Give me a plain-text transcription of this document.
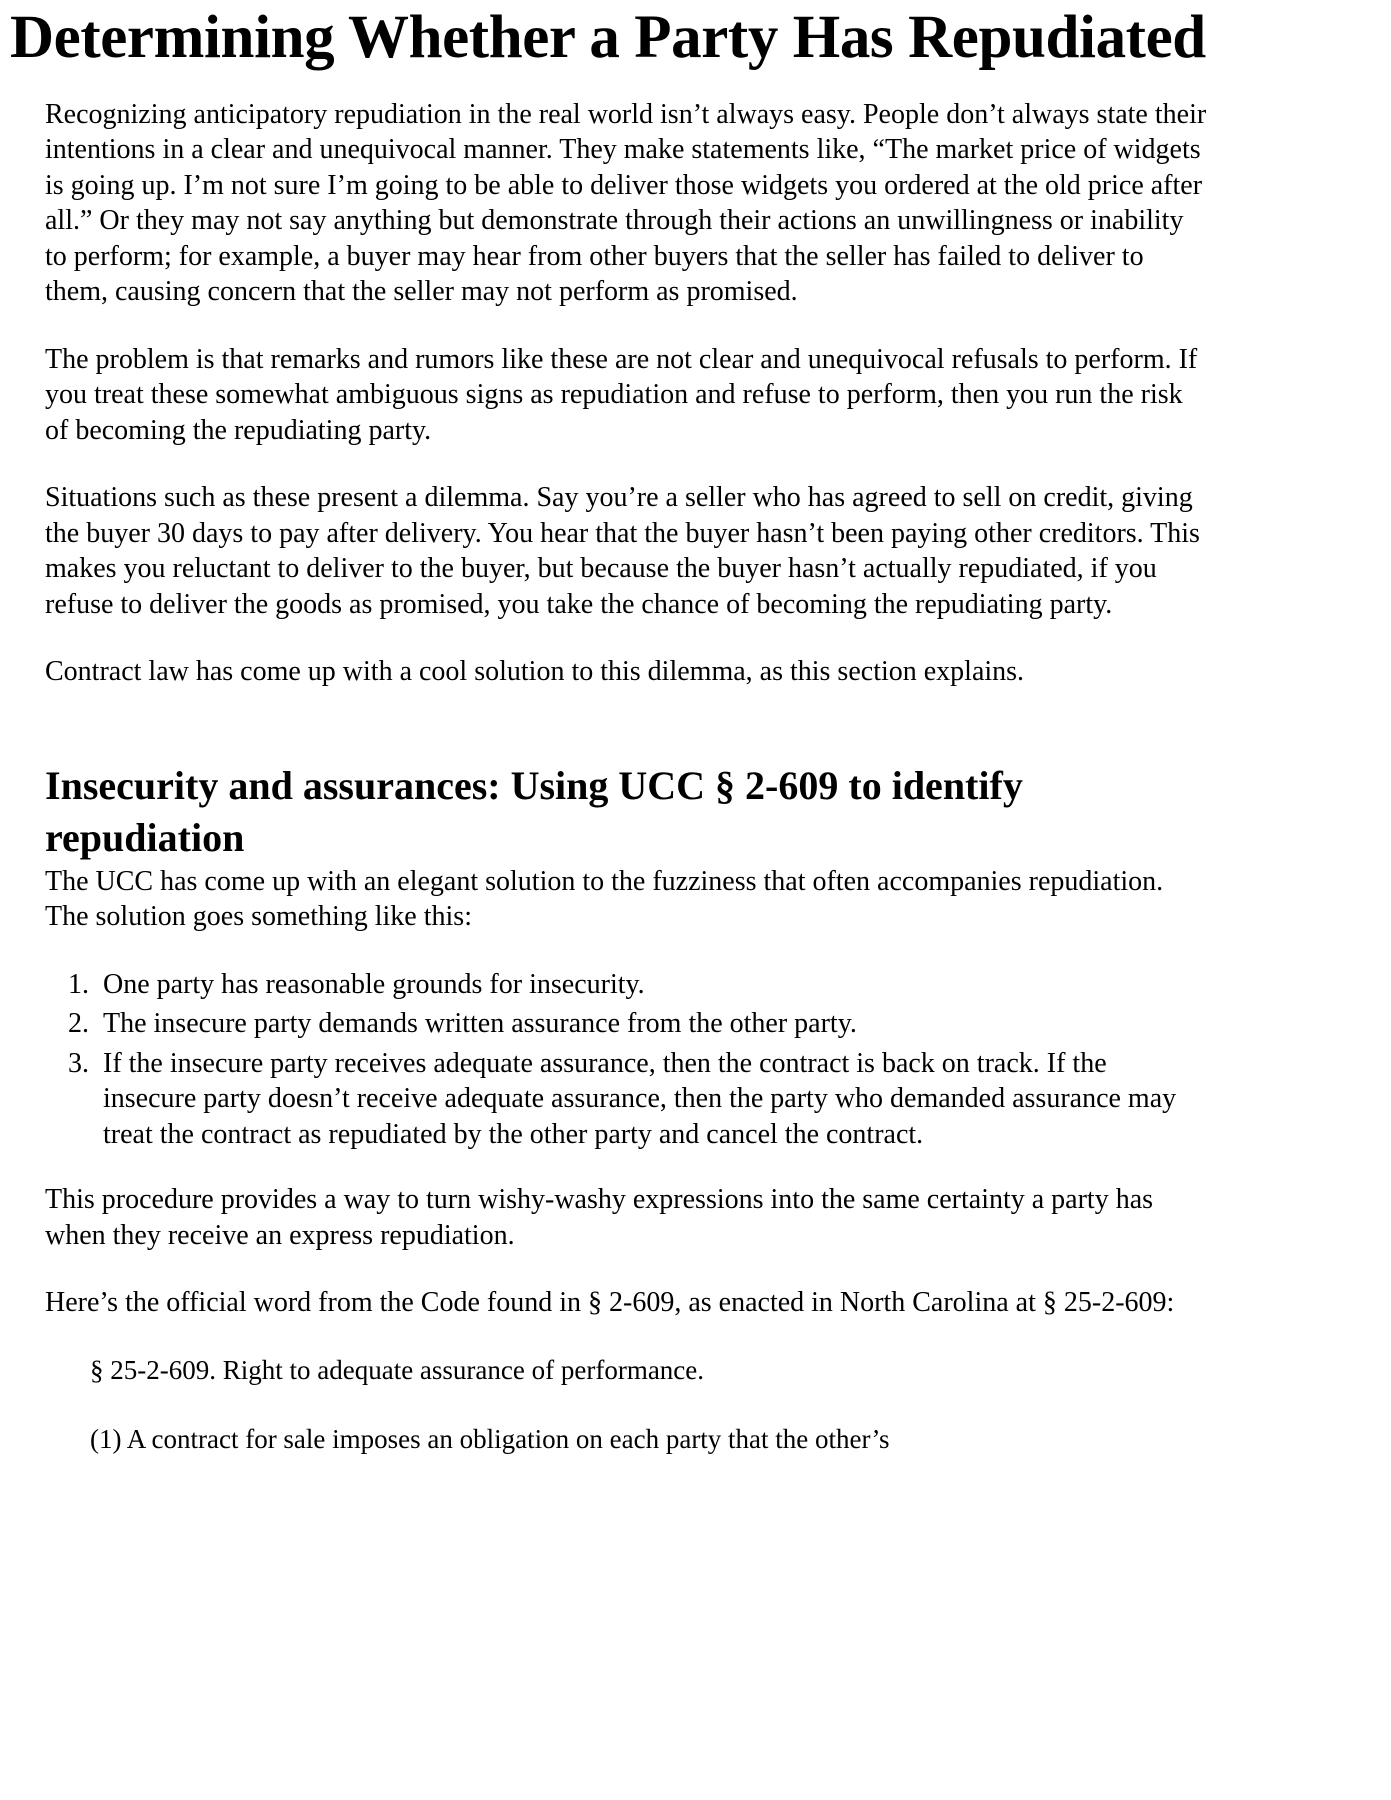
Determining Whether a Party Has Repudiated

Recognizing anticipatory repudiation in the real world isn’t always easy. People don’t always state their intentions in a clear and unequivocal manner. They make statements like, “The market price of widgets is going up. I’m not sure I’m going to be able to deliver those widgets you ordered at the old price after all.” Or they may not say anything but demonstrate through their actions an unwillingness or inability to perform; for example, a buyer may hear from other buyers that the seller has failed to deliver to them, causing concern that the seller may not perform as promised.

The problem is that remarks and rumors like these are not clear and unequivocal refusals to perform. If you treat these somewhat ambiguous signs as repudiation and refuse to perform, then you run the risk of becoming the repudiating party.

Situations such as these present a dilemma. Say you’re a seller who has agreed to sell on credit, giving the buyer 30 days to pay after delivery. You hear that the buyer hasn’t been paying other creditors. This makes you reluctant to deliver to the buyer, but because the buyer hasn’t actually repudiated, if you refuse to deliver the goods as promised, you take the chance of becoming the repudiating party.

Contract law has come up with a cool solution to this dilemma, as this section explains.

Insecurity and assurances: Using UCC § 2-609 to identify repudiation

The UCC has come up with an elegant solution to the fuzziness that often accompanies repudiation. The solution goes something like this:

One party has reasonable grounds for insecurity.
The insecure party demands written assurance from the other party.
If the insecure party receives adequate assurance, then the contract is back on track. If the insecure party doesn’t receive adequate assurance, then the party who demanded assurance may treat the contract as repudiated by the other party and cancel the contract.

This procedure provides a way to turn wishy-washy expressions into the same certainty a party has when they receive an express repudiation.

Here’s the official word from the Code found in § 2-609, as enacted in North Carolina at § 25-2-609:

§ 25-2-609. Right to adequate assurance of performance.

(1) A contract for sale imposes an obligation on each party that the other’s
